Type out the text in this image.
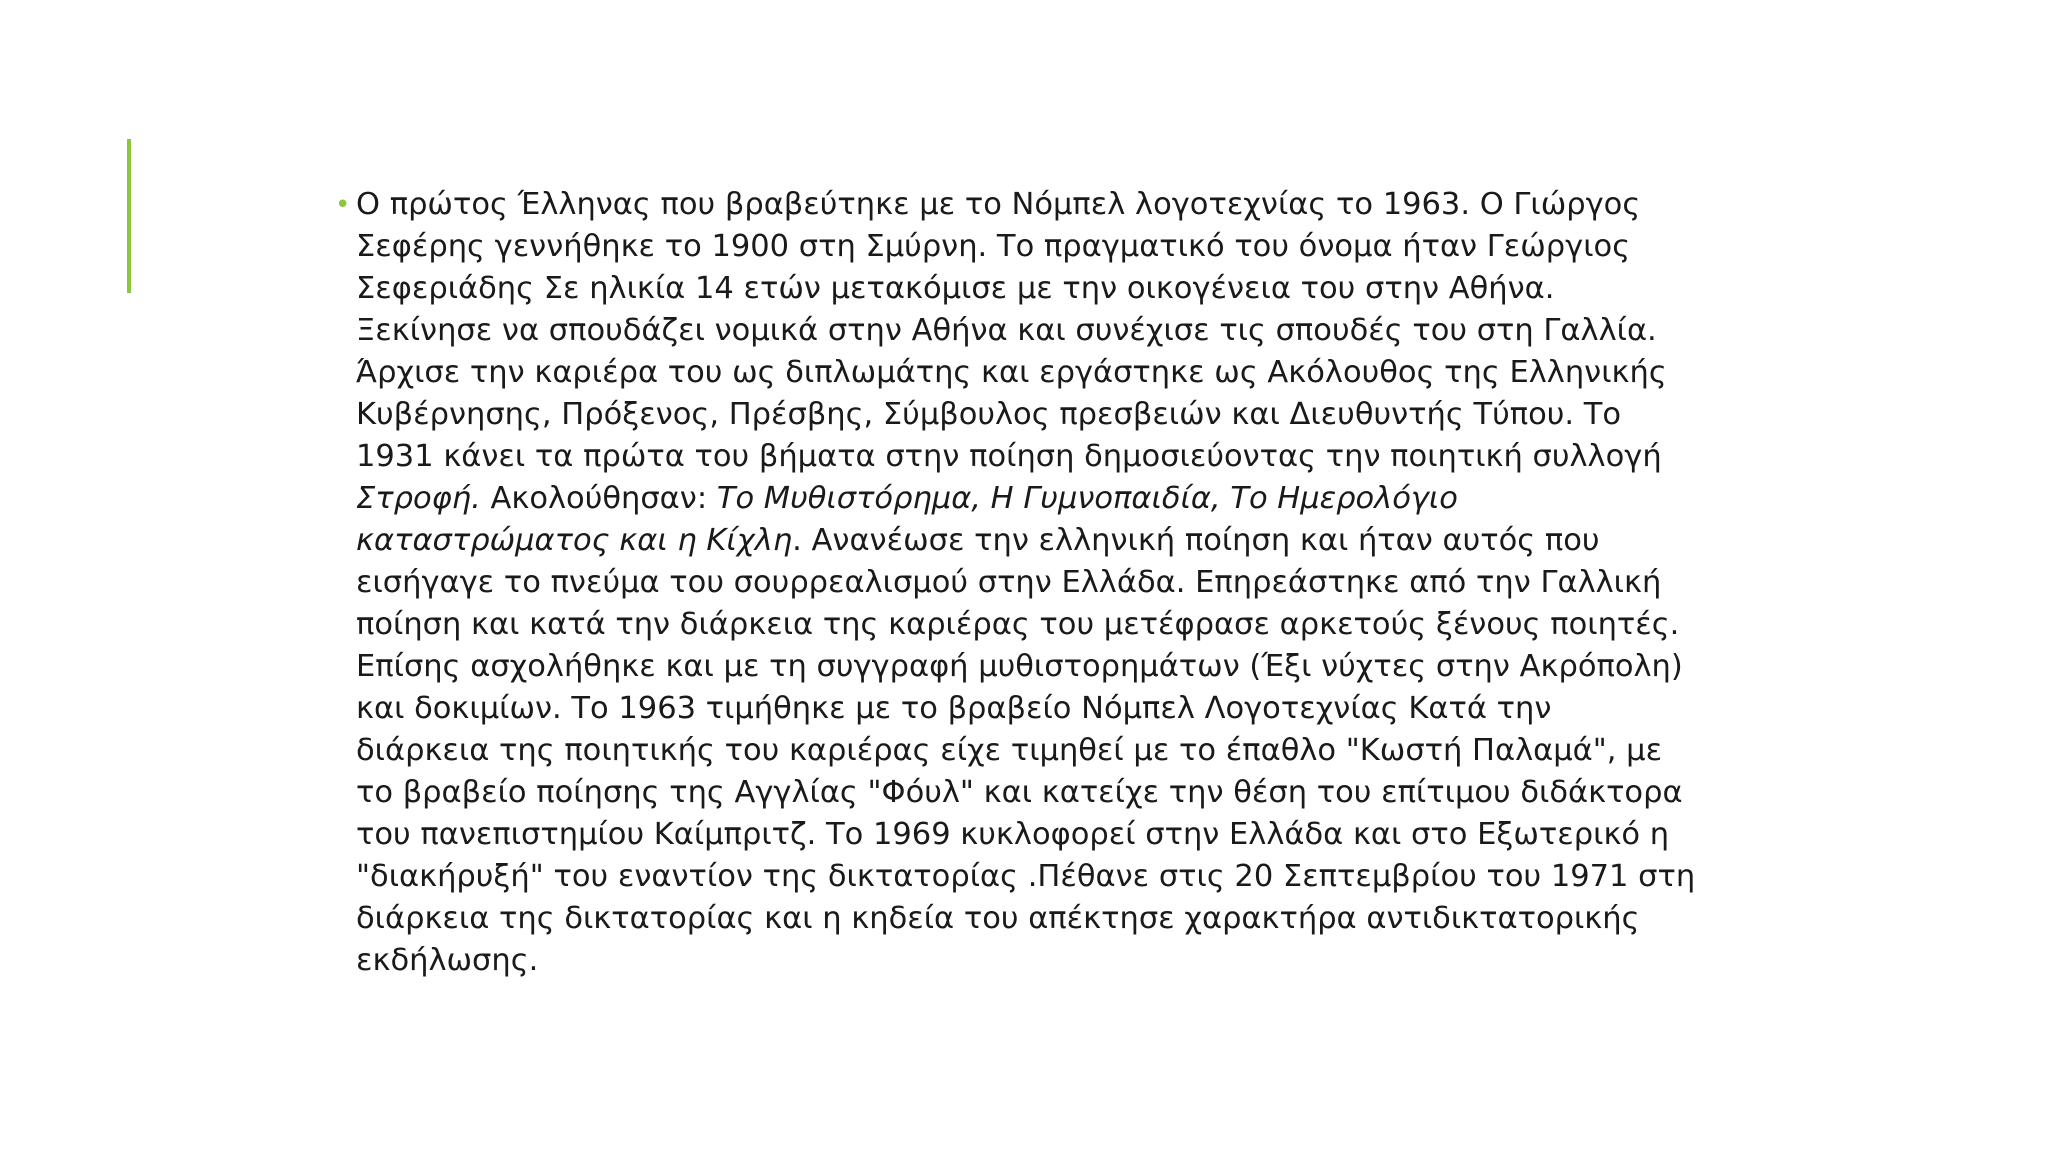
• Ο πρώτος Έλληνας που βραβεύτηκε με το Νόμπελ λογοτεχνίας το 1963. Ο Γιώργος
Σεφέρης γεννήθηκε το 1900 στη Σμύρνη. Το πραγματικό του όνομα ήταν Γεώργιος
Σεφεριάδης Σε ηλικία 14 ετών μετακόμισε με την οικογένεια του στην Αθήνα.
Ξεκίνησε να σπουδάζει νομικά στην Αθήνα και συνέχισε τις σπουδές του στη Γαλλία.
Άρχισε την καριέρα του ως διπλωμάτης και εργάστηκε ως Ακόλουθος της Ελληνικής
Κυβέρνησης, Πρόξενος, Πρέσβης, Σύμβουλος πρεσβειών και Διευθυντής Τύπου. Το
1931 κάνει τα πρώτα του βήματα στην ποίηση δημοσιεύοντας την ποιητική συλλογή
Στροφή. Ακολούθησαν: Το Μυθιστόρημα, Η Γυμνοπαιδία, Το Ημερολόγιο
καταστρώματος και η Κίχλη. Ανανέωσε την ελληνική ποίηση και ήταν αυτός που
εισήγαγε το πνεύμα του σουρρεαλισμού στην Ελλάδα. Επηρεάστηκε από την Γαλλική
ποίηση και κατά την διάρκεια της καριέρας του μετέφρασε αρκετούς ξένους ποιητές.
Επίσης ασχολήθηκε και με τη συγγραφή μυθιστορημάτων (Έξι νύχτες στην Ακρόπολη)
και δοκιμίων. Το 1963 τιμήθηκε με το βραβείο Νόμπελ Λογοτεχνίας Κατά την
διάρκεια της ποιητικής του καριέρας είχε τιμηθεί με το έπαθλο "Κωστή Παλαμά", με
το βραβείο ποίησης της Αγγλίας "Φόυλ" και κατείχε την θέση του επίτιμου διδάκτορα
του πανεπιστημίου Καίμπριτζ. Το 1969 κυκλοφορεί στην Ελλάδα και στο Εξωτερικό η
"διακήρυξή" του εναντίον της δικτατορίας .Πέθανε στις 20 Σεπτεμβρίου του 1971 στη
διάρκεια της δικτατορίας και η κηδεία του απέκτησε χαρακτήρα αντιδικτατορικής
εκδήλωσης.
